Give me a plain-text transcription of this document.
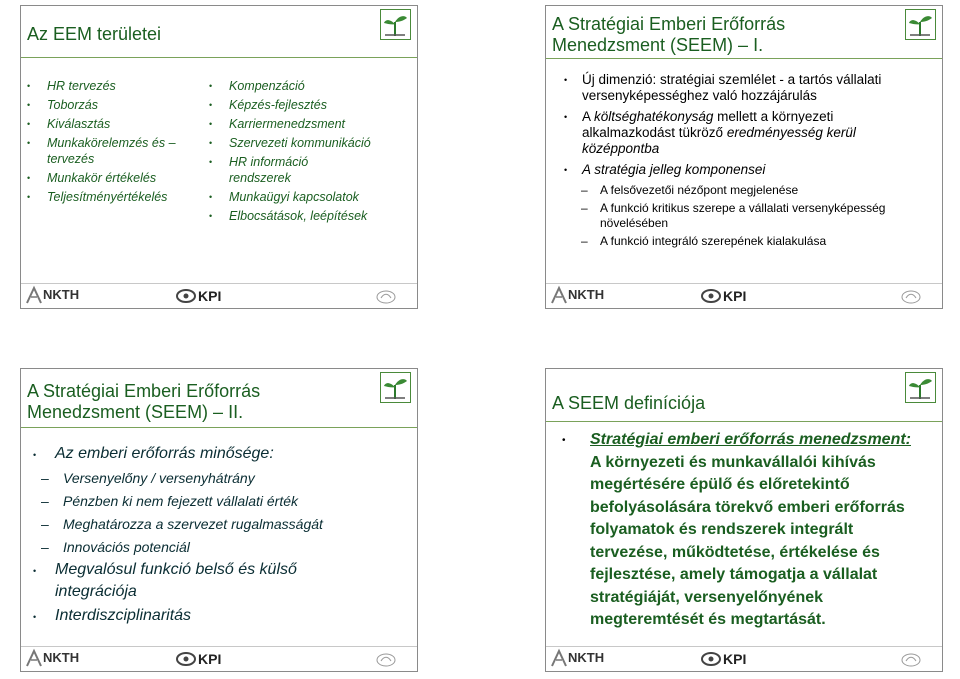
Az EEM területei
• HR tervezés
• Toborzás
• Kiválasztás
• Munkakörelemzés és – tervezés
• Munkakör értékelés
• Teljesítményértékelés
• Kompenzáció
• Képzés-fejlesztés
• Karriermenedzsment
• Szervezeti kommunikáció
• HR információ rendszerek
• Munkaügyi kapcsolatok
• Elbocsátások, leépítések
NKTH	KPI
A Stratégiai Emberi Erőforrás
Menedzsment (SEEM) – I.
• Új dimenzió: stratégiai szemlélet - a tartós vállalati versenyképességhez való hozzájárulás
• A költséghatékonyság mellett a környezeti alkalmazkodást tükröző eredményesség kerül középpontba
• A stratégia jelleg komponensei
– A felsővezetői nézőpont megjelenése
– A funkció kritikus szerepe a vállalati versenyképesség növelésében
– A funkció integráló szerepének kialakulása
NKTH	KPI
A Stratégiai Emberi Erőforrás
Menedzsment (SEEM) – II.
• Az emberi erőforrás minősége:
– Versenyelőny / versenyhátrány
– Pénzben ki nem fejezett vállalati érték
– Meghatározza a szervezet rugalmasságát
– Innovációs potenciál
• Megvalósul funkció belső és külső integrációja
• Interdiszciplinaritás
NKTH	KPI
A SEEM definíciója
• Stratégiai emberi erőforrás menedzsment: A környezeti és munkavállalói kihívás megértésére épülő és előretekintő befolyásolására törekvő emberi erőforrás folyamatok és rendszerek integrált tervezése, működtetése, értékelése és fejlesztése, amely támogatja a vállalat stratégiáját, versenyelőnyének megteremtését és megtartását.
NKTH	KPI
